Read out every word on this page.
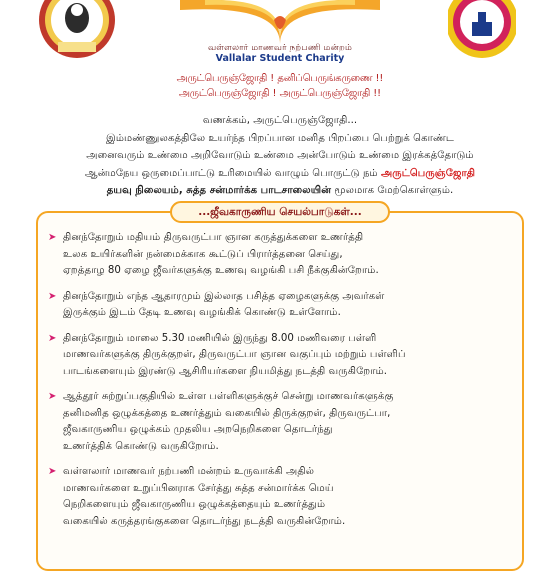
வள்ளலார் மாணவர் நற்பணி மன்றம்
Vallalar Student Charity
அருட்பெருஞ்ஜோதி ! தனிப்பெருங்கருணை !!
அருட்பெருஞ்ஜோதி ! அருட்பெருஞ்ஜோதி !!
வணக்கம், அருட்பெருஞ்ஜோதி...
இம்மண்ணுலகத்திலே உயர்ந்த பிறப்பான மனித பிறப்பை பெற்றுக் கொண்ட
அனைவரும் உண்மை அறிவோடும் உண்மை அன்போடும் உண்மை இரக்கத்தோடும்
ஆன்மநேய ஒருமைப்பாட்டு உரிமையில் வாழும் பொருட்டு நம் அருட்பெருஞ்ஜோதி
தயவு நிலையம், சுத்த சன்மார்க்க பாடசாலையின் மூலமாக மேற்கொள்ளும்.
...ஜீவகாருணிய செயல்பாடுகள்...
➤ தினந்தோறும் மதியம் திருவருட்பா ஞான கருத்துக்களை உணர்த்தி
உலக உயிர்களின் நன்மைக்காக கூட்டுப் பிரார்த்தனை செய்து,
ஏறத்தாழ 80 ஏழை ஜீவர்களுக்கு உணவு வழங்கி பசி நீக்குகின்றோம்.
➤ தினந்தோறும் எந்த ஆதாரமும் இல்லாத பசித்த ஏழைகளுக்கு அவர்கள்
இருக்கும் இடம் தேடி உணவு வழங்கிக் கொண்டு உள்ளோம்.
➤ தினந்தோறும் மாலை 5.30 மணியில் இருந்து 8.00 மணிவரை பள்ளி
மாணவர்களுக்கு திருக்குறள், திருவருட்பா ஞான வகுப்பும் மற்றும் பள்ளிப்
பாடங்களையும் இரண்டு ஆசிரியர்களை நியமித்து நடத்தி வருகிறோம்.
➤ ஆத்தூர் சுற்றுப்பகுதியில் உள்ள பள்ளிகளுக்குச் சென்று மாணவர்களுக்கு
தனிமனித ஒழுக்கத்தை உணர்த்தும் வகையில் திருக்குறள், திருவருட்பா,
ஜீவகாருணிய ஒழுக்கம் முதலிய அறநெறிகளை தொடர்ந்து
உணர்த்திக் கொண்டு வருகிறோம்.
➤ வள்ளலார் மாணவர் நற்பணி மன்றம் உருவாக்கி அதில்
மாணவர்களை உறுப்பினராக சேர்த்து சுத்த சன்மார்க்க மெய்
நெறிகளையும் ஜீவகாருணிய ஒழுக்கத்தையும் உணர்த்தும்
வகையில் கருத்தரங்குகளை தொடர்ந்து நடத்தி வருகின்றோம்.
